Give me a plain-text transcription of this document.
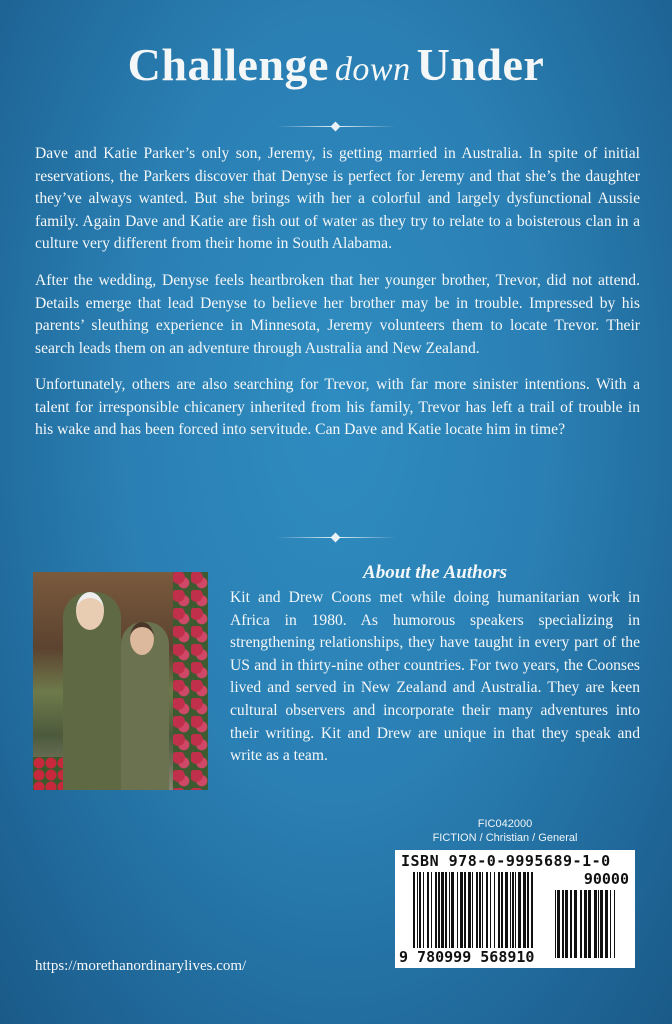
Challenge down Under

Dave and Katie Parker’s only son, Jeremy, is getting married in Australia. In spite of initial reservations, the Parkers discover that Denyse is perfect for Jeremy and that she’s the daughter they’ve always wanted. But she brings with her a colorful and largely dysfunctional Aussie family. Again Dave and Katie are fish out of water as they try to relate to a boisterous clan in a culture very different from their home in South Alabama.

After the wedding, Denyse feels heartbroken that her younger brother, Trevor, did not attend. Details emerge that lead Denyse to believe her brother may be in trouble. Impressed by his parents’ sleuthing experience in Minnesota, Jeremy volunteers them to locate Trevor. Their search leads them on an adventure through Australia and New Zealand.

Unfortunately, others are also searching for Trevor, with far more sinister intentions. With a talent for irresponsible chicanery inherited from his family, Trevor has left a trail of trouble in his wake and has been forced into servitude. Can Dave and Katie locate him in time?

About the Authors

Kit and Drew Coons met while doing humanitarian work in Africa in 1980. As humorous speakers specializing in strengthening relationships, they have taught in every part of the US and in thirty-nine other countries. For two years, the Coonses lived and served in New Zealand and Australia. They are keen cultural observers and incorporate their many adventures into their writing. Kit and Drew are unique in that they speak and write as a team.

FIC042000
FICTION / Christian / General
ISBN 978-0-9995689-1-0
90000
9 780999 568910
https://morethanordinarylives.com/
